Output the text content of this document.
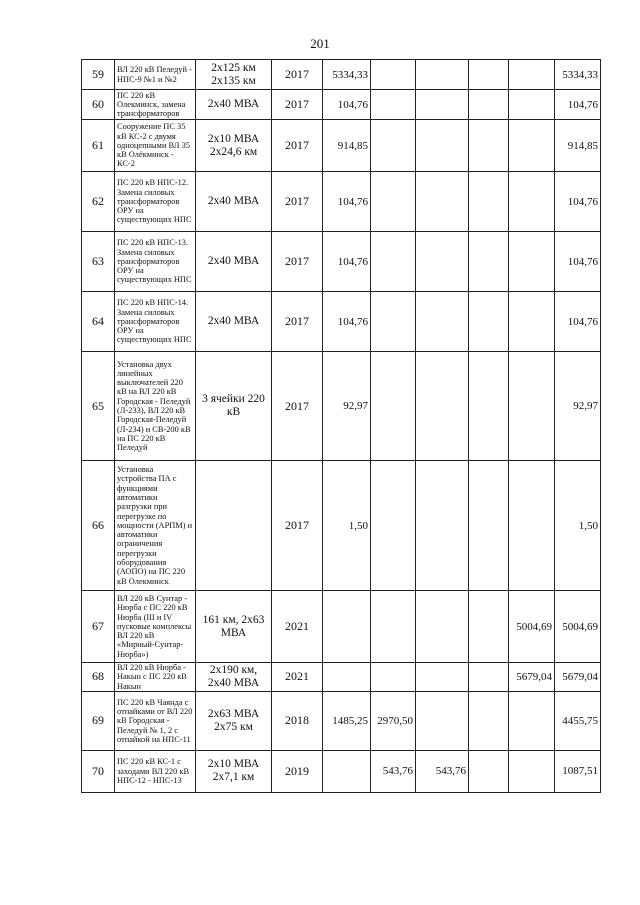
201
59	ВЛ 220 кВ Пеледуй - НПС-9 №1 и №2	2х125 км
2х135 км	2017	5334,33					5334,33
60	ПС 220 кВ Олекминск, замена трансформаторов	2х40 МВА	2017	104,76					104,76
61	Сооружение ПС 35 кВ КС-2 с двумя одноцепными ВЛ 35 кВ Олёкминск - КС-2	2х10 МВА
2х24,6 км	2017	914,85					914,85
62	ПС 220 кВ НПС-12. Замена силовых трансформаторов ОРУ на существующих НПС	2х40 МВА	2017	104,76					104,76
63	ПС 220 кВ НПС-13. Замена силовых трансформаторов ОРУ на существующих НПС	2х40 МВА	2017	104,76					104,76
64	ПС 220 кВ НПС-14. Замена силовых трансформаторов ОРУ на существующих НПС	2х40 МВА	2017	104,76					104,76
65	Установка двух линейных выключателей 220 кВ на ВЛ 220 кВ Городская - Пеледуй (Л-233), ВЛ 220 кВ Городская-Пеледуй (Л-234) и СВ-200 кВ на ПС 220 кВ Пеледуй	3 ячейки 220
кВ	2017	92,97					92,97
66	Установка устройства ПА с функциями автоматики разгрузки при перегрузке по мощности (АРПМ) и автоматики ограничения перегрузки оборудования (АОПО) на ПС 220 кВ Олекминск		2017	1,50					1,50
67	ВЛ 220 кВ Сунтар - Нюрба с ПС 220 кВ Нюрба (III и IV пусковые комплексы ВЛ 220 кВ «Мирный-Сунтар-Нюрба»)	161 км, 2х63
МВА	2021					5004,69	5004,69
68	ВЛ 220 кВ Нюрба - Накын с ПС 220 кВ Накын	2х190 км,
2х40 МВА	2021					5679,04	5679,04
69	ПС 220 кВ Чаянда с отпайками от ВЛ 220 кВ Городская - Пеледуй № 1, 2 с отпайкой на НПС-11	2х63 МВА
2х75 км	2018	1485,25	2970,50				4455,75
70	ПС 220 кВ КС-1 с заходами ВЛ 220 кВ НПС-12 - НПС-13	2х10 МВА
2х7,1 км	2019		543,76	543,76			1087,51
